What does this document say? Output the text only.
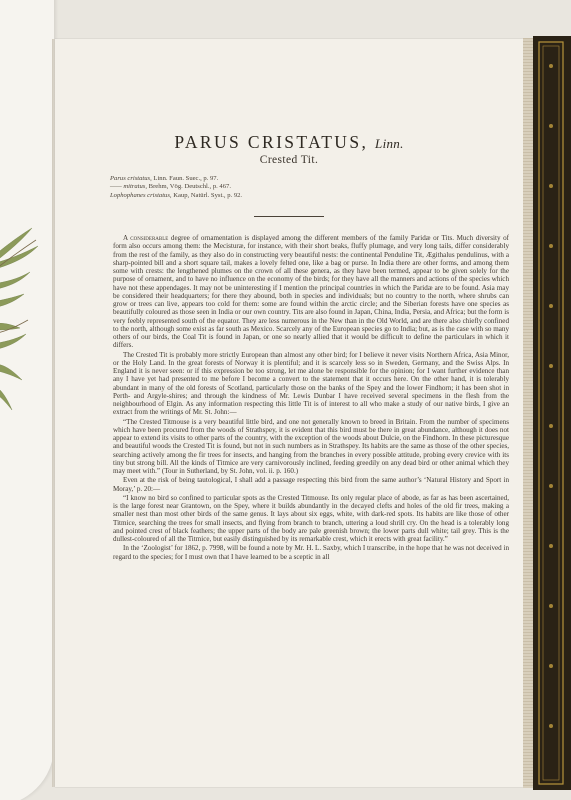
PARUS CRISTATUS, Linn.
Crested Tit.
Parus cristatus, Linn. Faun. Suec., p. 97.
—— mitratus, Brehm, Vög. Deutschl., p. 467.
Lophophanes cristatus, Kaup, Natürl. Syst., p. 92.

A considerable degree of ornamentation is displayed among the different members of the family Paridæ or Tits. Much diversity of form also occurs among them: the Mecisturæ, for instance, with their short beaks, fluffy plumage, and very long tails, differ considerably from the rest of the family, as they also do in constructing very beautiful nests: the continental Penduline Tit, Ægithalus pendulinus, with a sharp-pointed bill and a short square tail, makes a lovely felted one, like a bag or purse. In India there are other forms, and among them some with crests: the lengthened plumes on the crown of all these genera, as they have been termed, appear to be given solely for the purpose of ornament, and to have no influence on the economy of the birds; for they have all the manners and actions of the species which have not these appendages. It may not be uninteresting if I mention the principal countries in which the Paridæ are to be found. Asia may be considered their headquarters; for there they abound, both in species and individuals; but no country to the north, where shrubs can grow or trees can live, appears too cold for them: some are found within the arctic circle; and the Siberian forests have one species as beautifully coloured as those seen in India or our own country. Tits are also found in Japan, China, India, Persia, and Africa; but the form is very feebly represented south of the equator. They are less numerous in the New than in the Old World, and are there also chiefly confined to the north, although some exist as far south as Mexico. Scarcely any of the European species go to India; but, as is the case with so many others of our birds, the Coal Tit is found in Japan, or one so nearly allied that it would be difficult to define the particulars in which it differs.

The Crested Tit is probably more strictly European than almost any other bird; for I believe it never visits Northern Africa, Asia Minor, or the Holy Land. In the great forests of Norway it is plentiful; and it is scarcely less so in Sweden, Germany, and the Swiss Alps. In England it is never seen: or if this expression be too strong, let me alone be responsible for the opinion; for I want further evidence than any I have yet had presented to me before I become a convert to the statement that it occurs here. On the other hand, it is tolerably abundant in many of the old forests of Scotland, particularly those on the banks of the Spey and the lower Findhorn; it has been shot in Perth- and Argyle-shires; and through the kindness of Mr. Lewis Dunbar I have received several specimens in the flesh from the neighbourhood of Elgin. As any information respecting this little Tit is of interest to all who make a study of our native birds, I give an extract from the writings of Mr. St. John:—

“The Crested Titmouse is a very beautiful little bird, and one not generally known to breed in Britain. From the number of specimens which have been procured from the woods of Strathspey, it is evident that this bird must be there in great abundance, although it does not appear to extend its visits to other parts of the country, with the exception of the woods about Dulcie, on the Findhorn. In these picturesque and beautiful woods the Crested Tit is found, but not in such numbers as in Strathspey. Its habits are the same as those of the other species, searching actively among the fir trees for insects, and hanging from the branches in every possible attitude, probing every crevice with its tiny but strong bill. All the kinds of Titmice are very carnivorously inclined, feeding greedily on any dead bird or other animal which they may meet with.” (Tour in Sutherland, by St. John, vol. ii. p. 160.)

Even at the risk of being tautological, I shall add a passage respecting this bird from the same author’s ‘Natural History and Sport in Moray,’ p. 20:—

“I know no bird so confined to particular spots as the Crested Titmouse. Its only regular place of abode, as far as has been ascertained, is the large forest near Grantown, on the Spey, where it builds abundantly in the decayed clefts and holes of the old fir trees, making a smaller nest than most other birds of the same genus. It lays about six eggs, white, with dark-red spots. Its habits are like those of other Titmice, searching the trees for small insects, and flying from branch to branch, uttering a loud shrill cry. On the head is a tolerably long and pointed crest of black feathers; the upper parts of the body are pale greenish brown; the lower parts dull white; tail grey. This is the dullest-coloured of all the Titmice, but easily distinguished by its remarkable crest, which it erects with great facility.”

In the ‘Zoologist’ for 1862, p. 7998, will be found a note by Mr. H. L. Saxby, which I transcribe, in the hope that he was not deceived in regard to the species; for I must own that I have learned to be a sceptic in all
